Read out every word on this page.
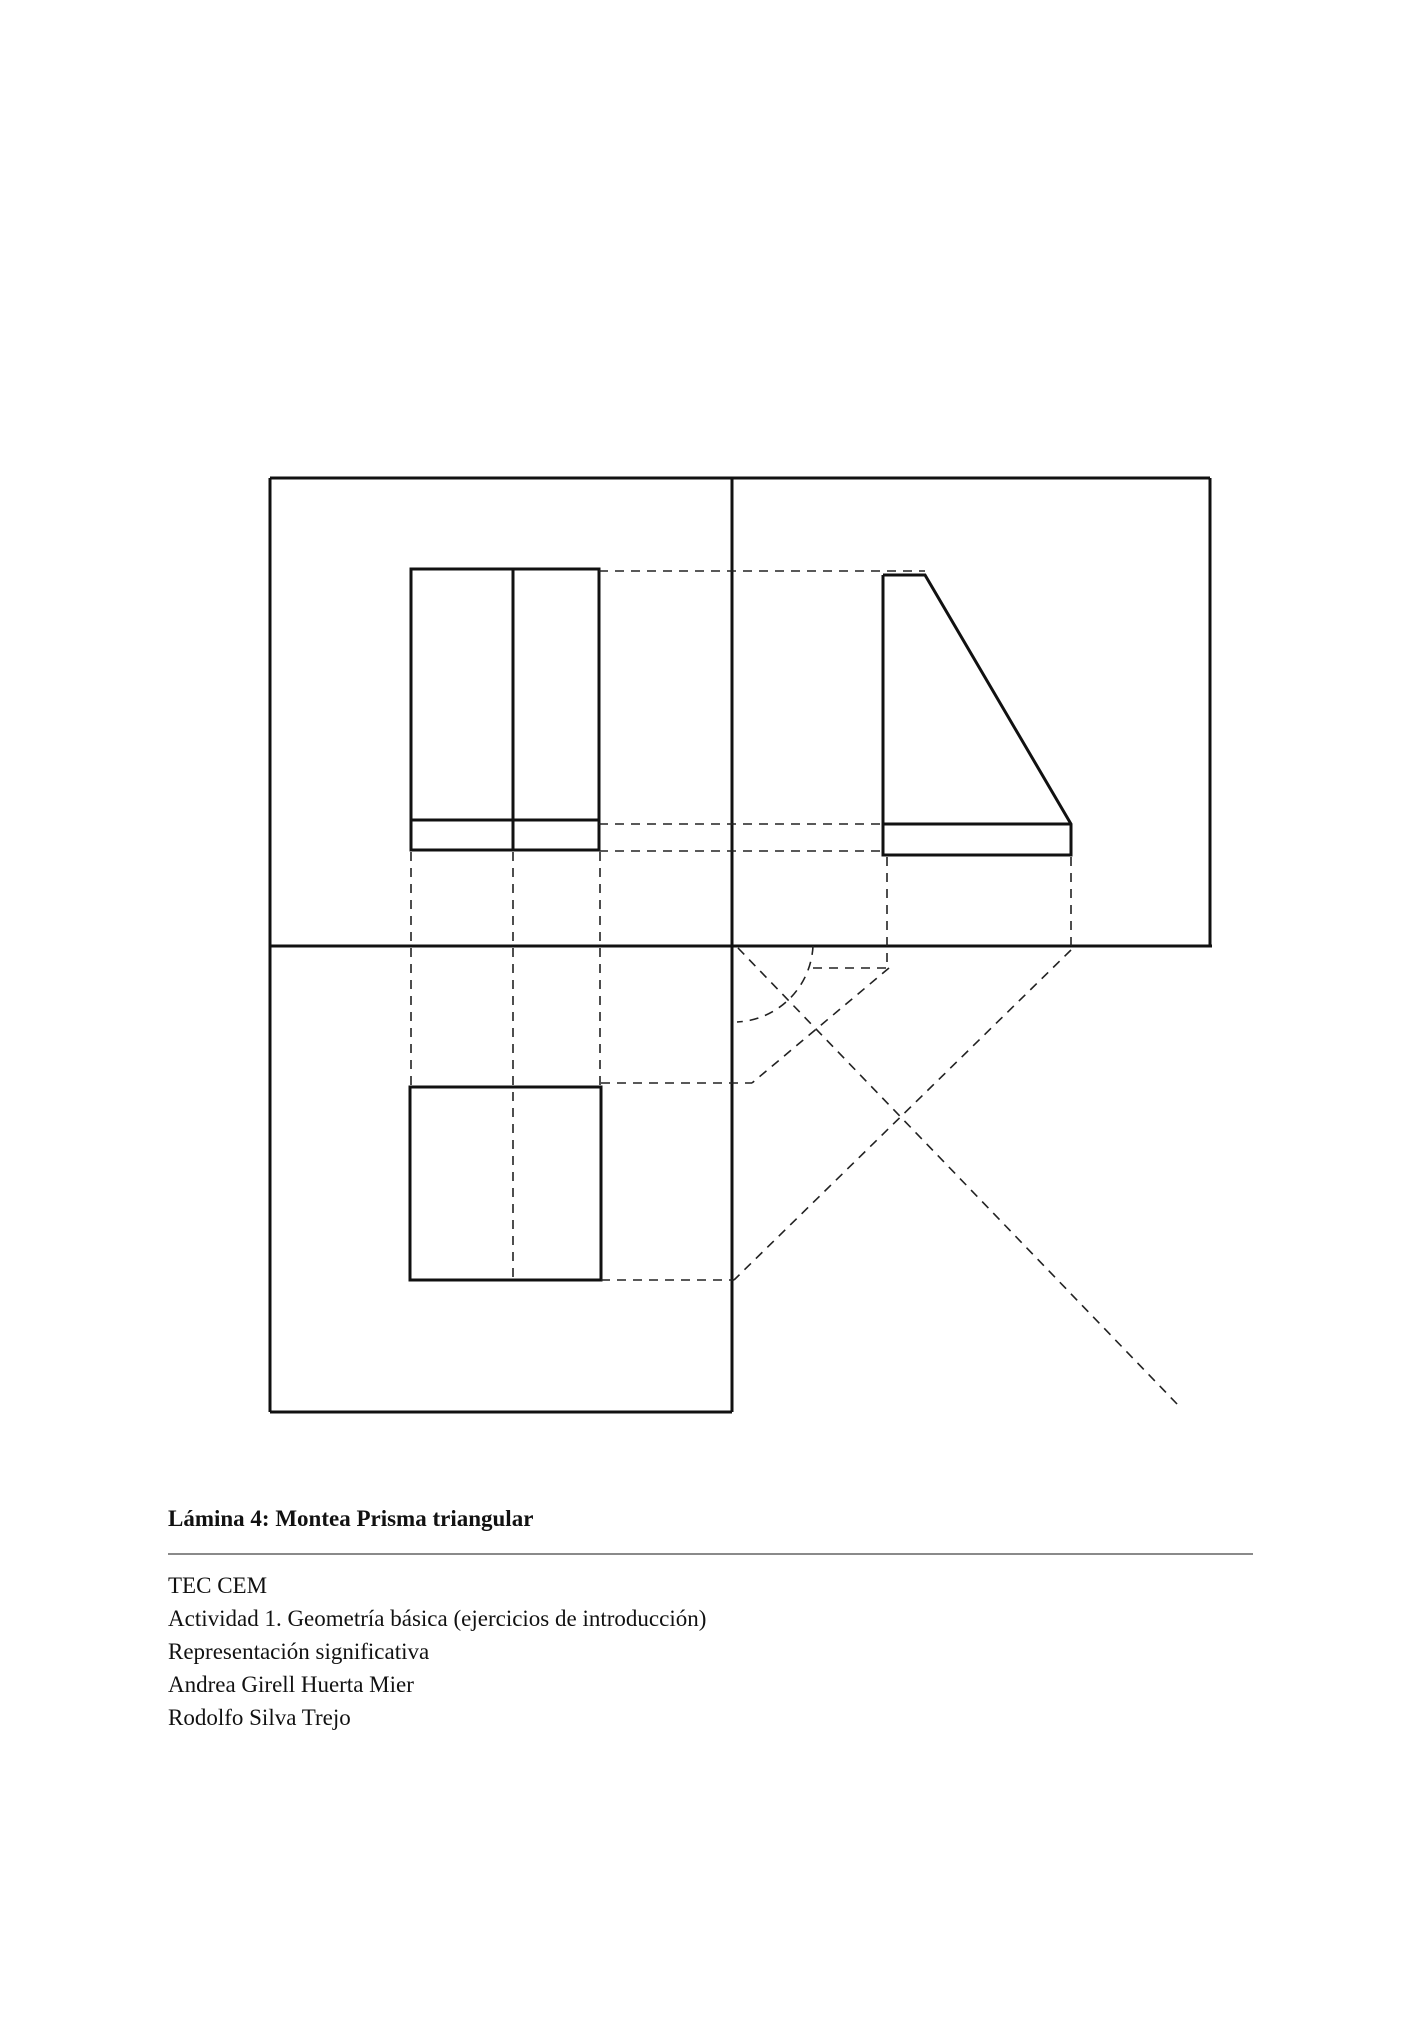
Lámina 4: Montea Prisma triangular

TEC CEM

Actividad 1. Geometría básica (ejercicios de introducción)

Representación significativa

Andrea Girell Huerta Mier

Rodolfo Silva Trejo
